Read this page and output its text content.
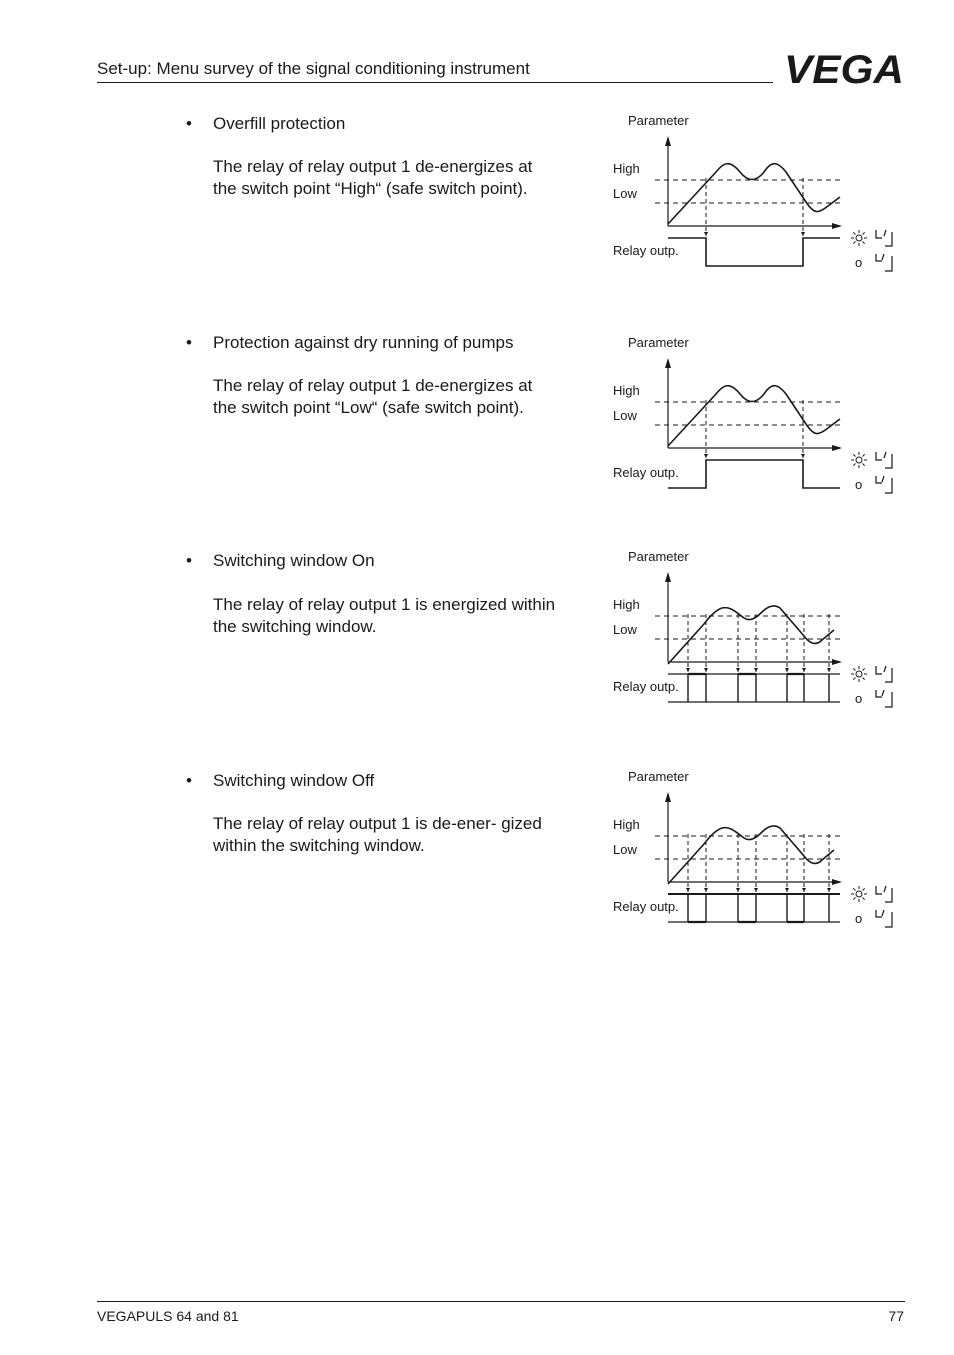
Set-up: Menu survey of the signal conditioning instrument	VEGA
• Overfill protection
The relay of relay output 1 de-energizes at the switch point “High“ (safe switch point).
Parameter
High
Low
Relay outp.
o
• Protection against dry running of pumps
The relay of relay output 1 de-energizes at the switch point “Low“ (safe switch point).
Parameter
High
Low
Relay outp.
o
• Switching window On
The relay of relay output 1 is energized within the switching window.
Parameter
High
Low
Relay outp.
o
• Switching window Off
The relay of relay output 1 is de-ener- gized within the switching window.
Parameter
High
Low
Relay outp.
o
VEGAPULS 64 and 81	77
